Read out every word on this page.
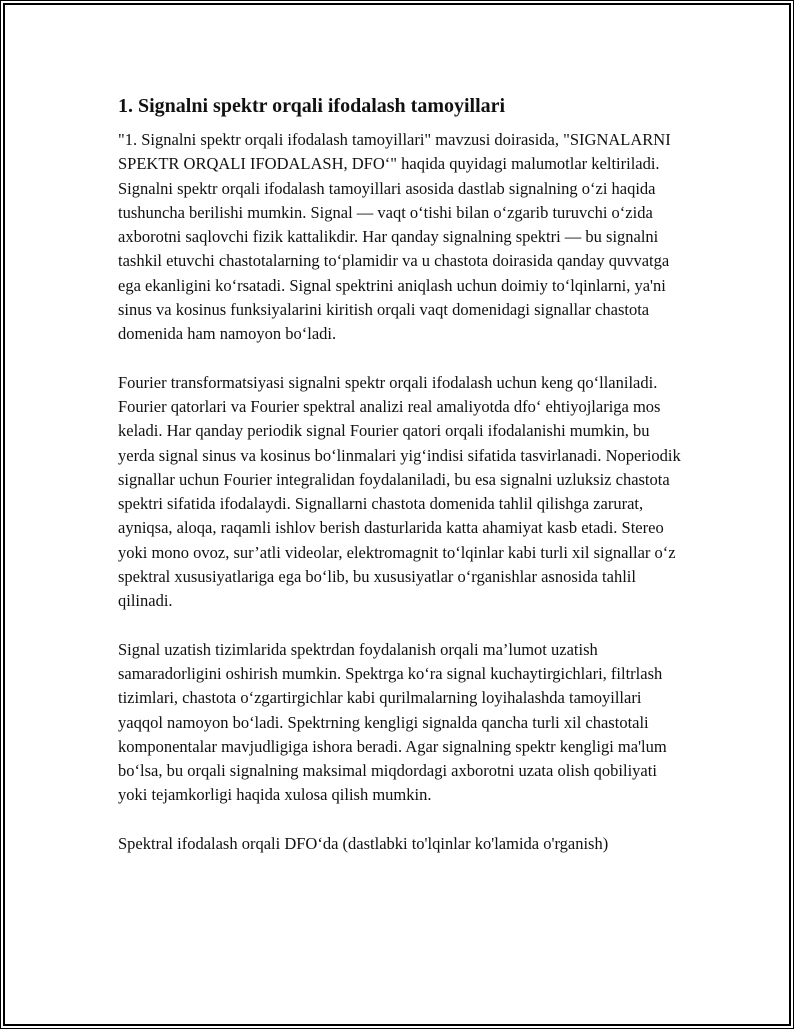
1. Signalni spektr orqali ifodalash tamoyillari

"1. Signalni spektr orqali ifodalash tamoyillari" mavzusi doirasida, "SIGNALARNI SPEKTR ORQALI IFODALASH, DFO‘" haqida quyidagi malumotlar keltiriladi. Signalni spektr orqali ifodalash tamoyillari asosida dastlab signalning o‘zi haqida tushuncha berilishi mumkin. Signal — vaqt o‘tishi bilan o‘zgarib turuvchi o‘zida axborotni saqlovchi fizik kattalikdir. Har qanday signalning spektri — bu signalni tashkil etuvchi chastotalarning to‘plamidir va u chastota doirasida qanday quvvatga ega ekanligini ko‘rsatadi. Signal spektrini aniqlash uchun doimiy to‘lqinlarni, ya'ni sinus va kosinus funksiyalarini kiritish orqali vaqt domenidagi signallar chastota domenida ham namoyon bo‘ladi.

Fourier transformatsiyasi signalni spektr orqali ifodalash uchun keng qo‘llaniladi. Fourier qatorlari va Fourier spektral analizi real amaliyotda dfo‘ ehtiyojlariga mos keladi. Har qanday periodik signal Fourier qatori orqali ifodalanishi mumkin, bu yerda signal sinus va kosinus bo‘linmalari yig‘indisi sifatida tasvirlanadi. Noperiodik signallar uchun Fourier integralidan foydalaniladi, bu esa signalni uzluksiz chastota spektri sifatida ifodalaydi. Signallarni chastota domenida tahlil qilishga zarurat, ayniqsa, aloqa, raqamli ishlov berish dasturlarida katta ahamiyat kasb etadi. Stereo yoki mono ovoz, sur’atli videolar, elektromagnit to‘lqinlar kabi turli xil signallar o‘z spektral xususiyatlariga ega bo‘lib, bu xususiyatlar o‘rganishlar asnosida tahlil qilinadi.

Signal uzatish tizimlarida spektrdan foydalanish orqali ma’lumot uzatish samaradorligini oshirish mumkin. Spektrga ko‘ra signal kuchaytirgichlari, filtrlash tizimlari, chastota o‘zgartirgichlar kabi qurilmalarning loyihalashda tamoyillari yaqqol namoyon bo‘ladi. Spektrning kengligi signalda qancha turli xil chastotali komponentalar mavjudligiga ishora beradi. Agar signalning spektr kengligi ma'lum bo‘lsa, bu orqali signalning maksimal miqdordagi axborotni uzata olish qobiliyati yoki tejamkorligi haqida xulosa qilish mumkin.

Spektral ifodalash orqali DFO‘da (dastlabki to'lqinlar ko'lamida o'rganish)
